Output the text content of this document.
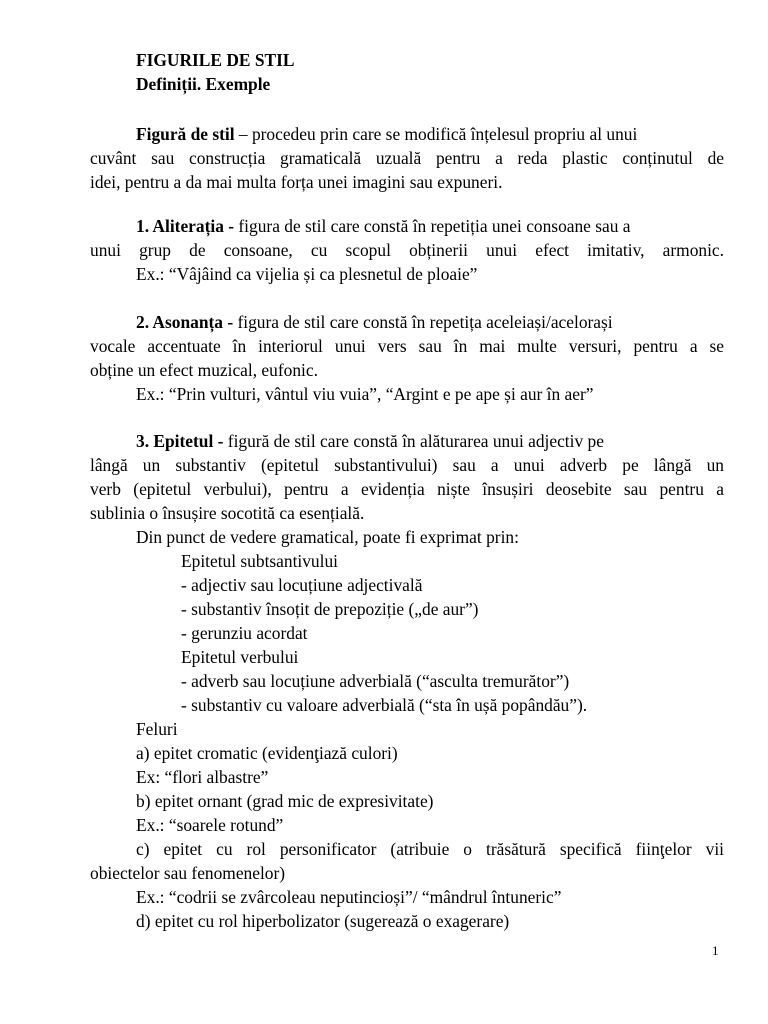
FIGURILE DE STIL
Definiții. Exemple
Figură de stil – procedeu prin care se modifică înțelesul propriu al unui
cuvânt sau construcția gramaticală uzuală pentru a reda plastic conținutul de
idei, pentru a da mai multa forța unei imagini sau expuneri.
1. Aliterația - figura de stil care constă în repetiția unei consoane sau a
unui grup de consoane, cu scopul obținerii unui efect imitativ, armonic.
Ex.: “Vâjâind ca vijelia și ca plesnetul de ploaie”
2. Asonanța - figura de stil care constă în repetița aceleiași/acelorași
vocale accentuate în interiorul unui vers sau în mai multe versuri, pentru a se
obține un efect muzical, eufonic.
Ex.: “Prin vulturi, vântul viu vuia”, “Argint e pe ape și aur în aer”
3. Epitetul - figură de stil care constă în alăturarea unui adjectiv pe
lângă un substantiv (epitetul substantivului) sau a unui adverb pe lângă un
verb (epitetul verbului), pentru a evidenția niște însușiri deosebite sau pentru a
sublinia o însușire socotită ca esențială.
Din punct de vedere gramatical, poate fi exprimat prin:
Epitetul subtsantivului
- adjectiv sau locuțiune adjectivală
- substantiv însoțit de prepoziție („de aur”)
- gerunziu acordat
Epitetul verbului
- adverb sau locuțiune adverbială (“asculta tremurător”)
- substantiv cu valoare adverbială (“sta în ușă popândău”).
Feluri
a) epitet cromatic (evidenţiază culori)
Ex: “flori albastre”
b) epitet ornant (grad mic de expresivitate)
Ex.: “soarele rotund”
c) epitet cu rol personificator (atribuie o trăsătură specifică fiinţelor vii
obiectelor sau fenomenelor)
Ex.: “codrii se zvârcoleau neputincioși”/ “mândrul întuneric”
d) epitet cu rol hiperbolizator (sugerează o exagerare)
1
